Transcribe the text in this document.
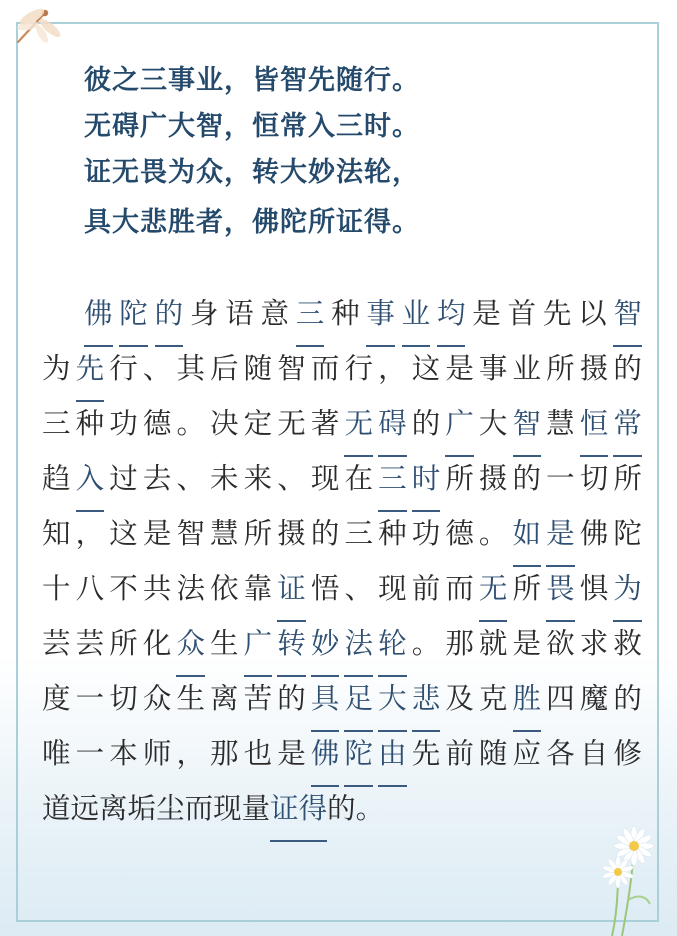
彼之三事业，皆智先随行。
无碍广大智，恒常入三时。
证无畏为众，转大妙法轮，
具大悲胜者，佛陀所证得。
佛 陀 的 身 语 意 三 种 事 业 均 是 首 先 以 智
为 先 行 、 其 后 随 智 而 行 ， 这 是 事 业 所 摄 的
三 种 功 德 。 决 定 无 著 无 碍 的 广 大 智 慧 恒 常
趋 入 过 去 、 未 来 、 现 在 三 时 所 摄 的 一 切 所
知 ， 这 是 智 慧 所 摄 的 三 种 功 德 。 如 是 佛 陀
十 八 不 共 法 依 靠 证 悟 、 现 前 而 无 所 畏 惧 为
芸 芸 所 化 众 生 广 转 妙 法 轮 。 那 就 是 欲 求 救
度 一 切 众 生 离 苦 的 具 足 大 悲 及 克 胜 四 魔 的
唯 一 本 师 ， 那 也 是 佛 陀 由 先 前 随 应 各 自 修
道 远 离 垢 尘 而 现 量 证 得 的 。
